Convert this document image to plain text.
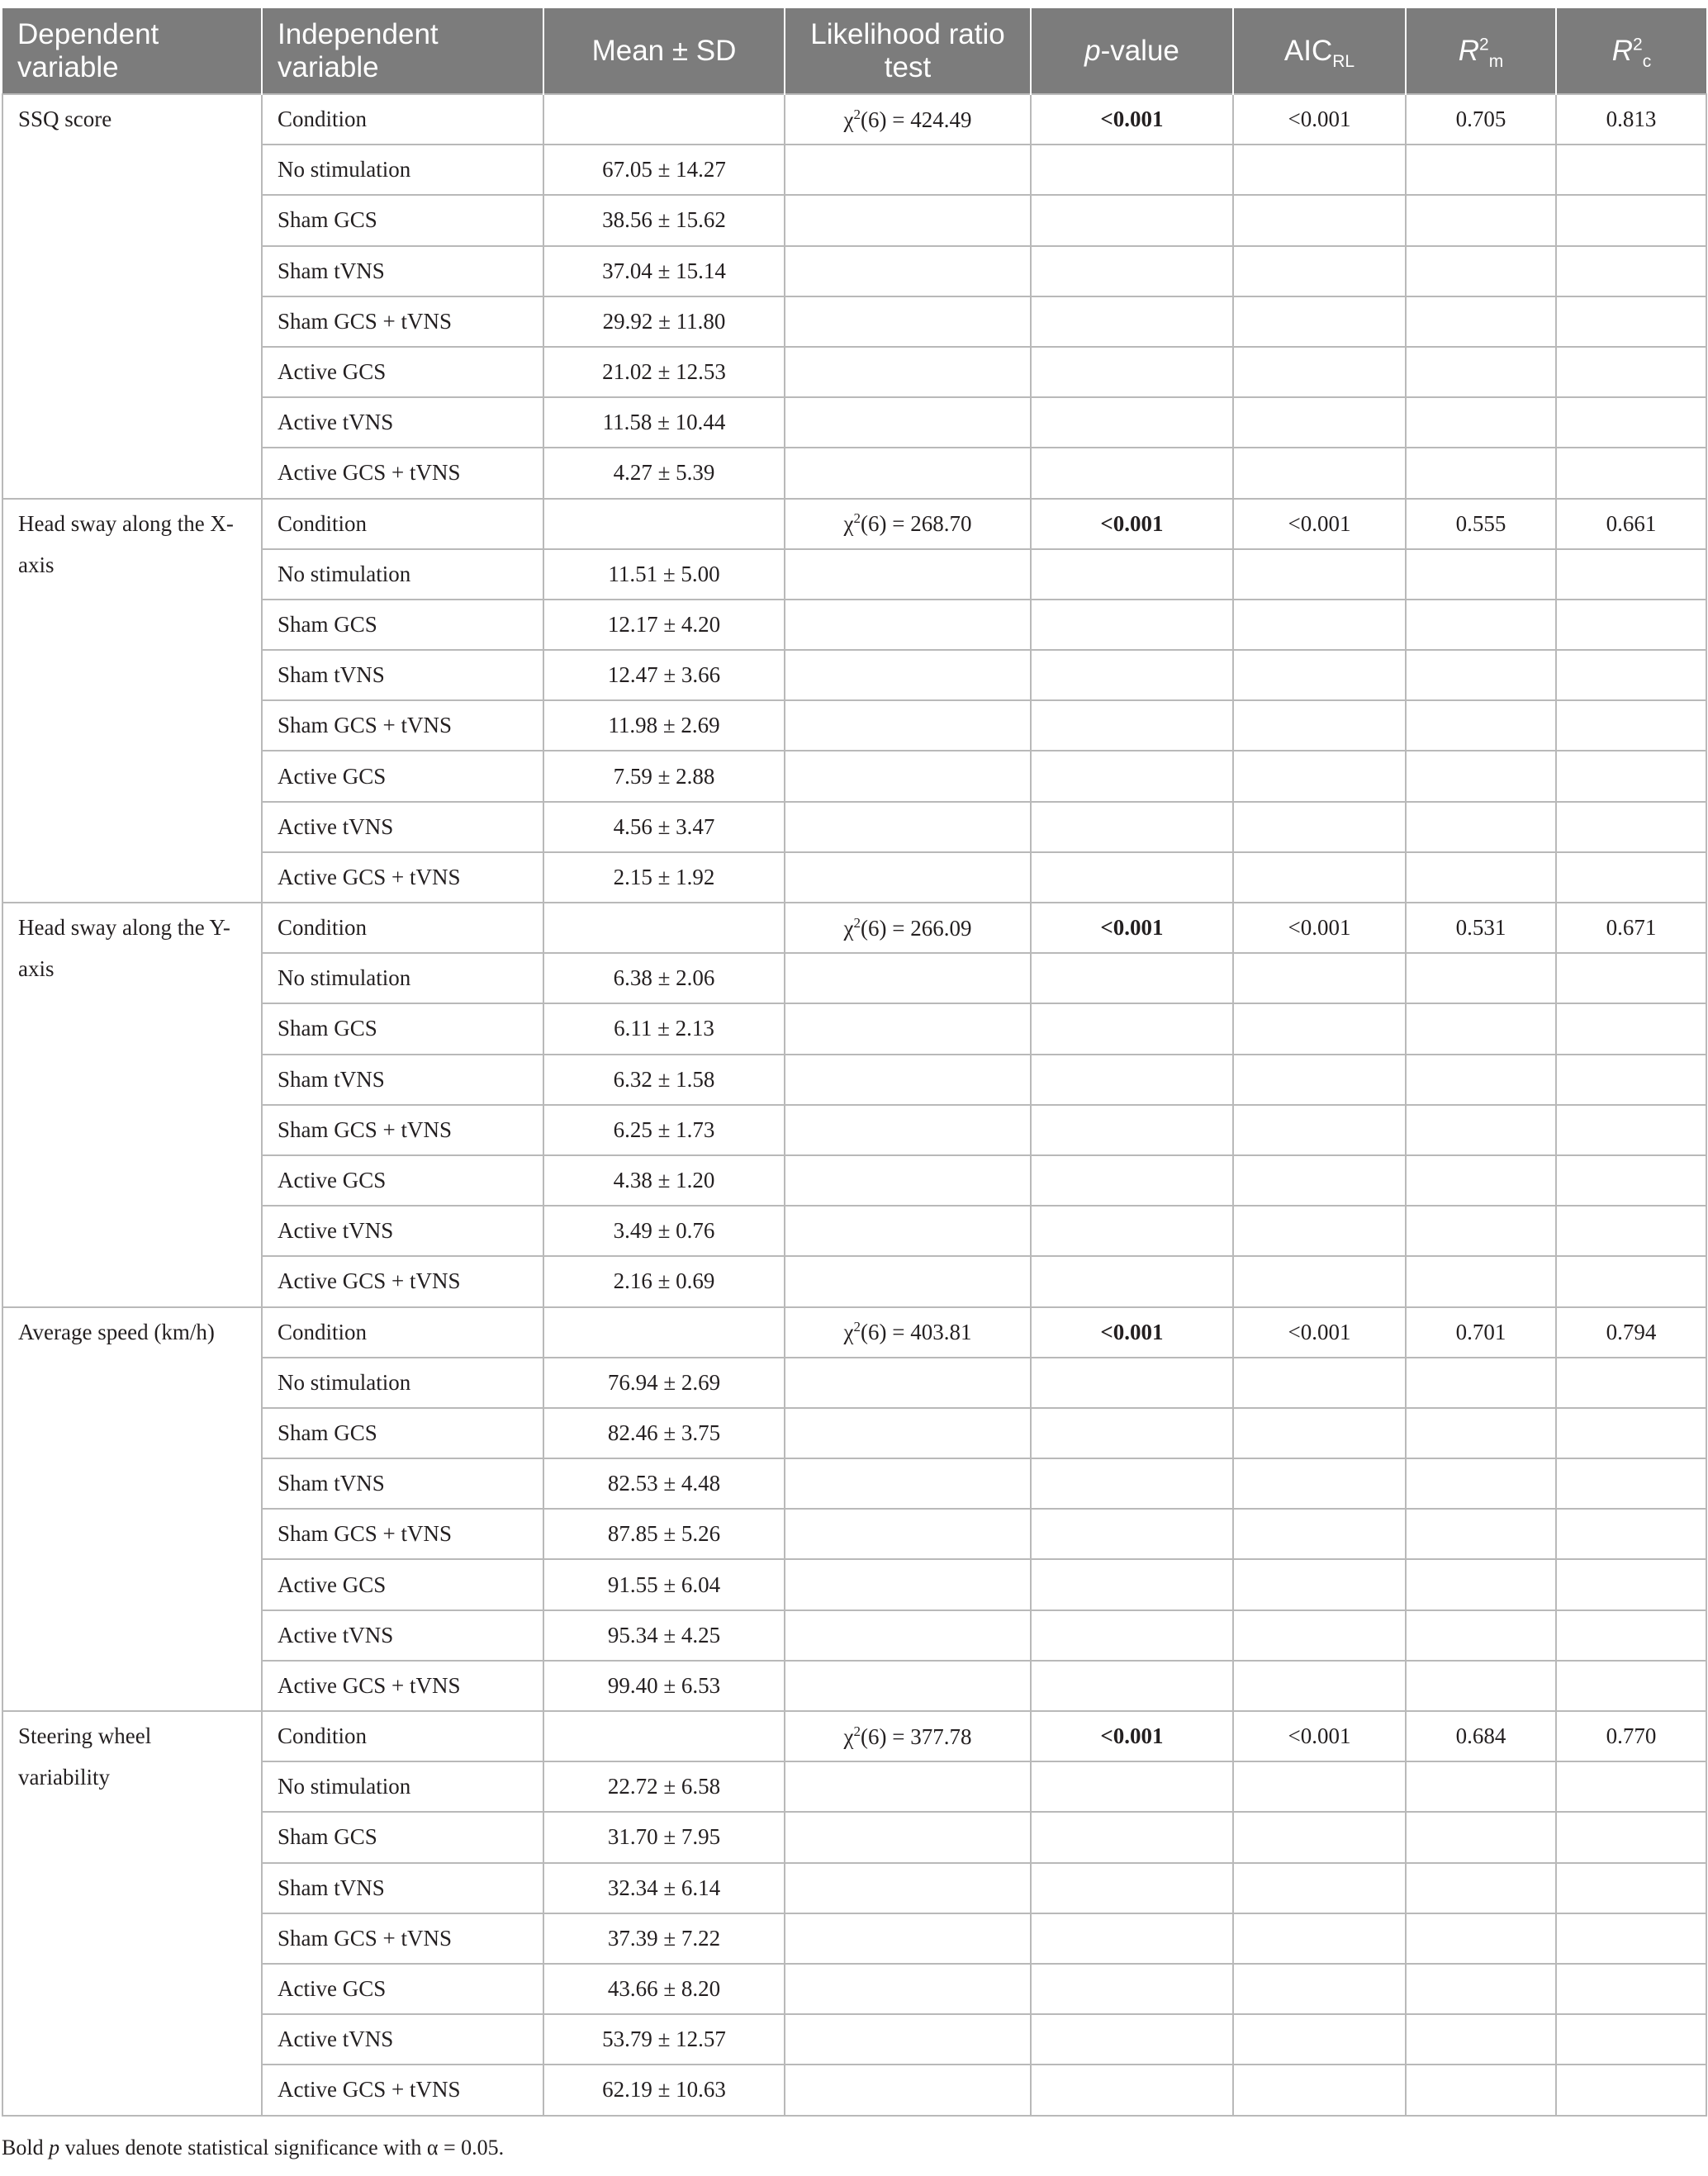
Dependent variable	Independent variable	Mean ± SD	Likelihood ratio test	p-value	$AIC_{RL}$	$R^2_m$	$R^2_c$
SSQ score	Condition		$\chi^2(6) = 424.49$	<0.001	<0.001	0.705	0.813
	No stimulation	67.05 ± 14.27					
	Sham GCS	38.56 ± 15.62					
	Sham tVNS	37.04 ± 15.14					
	Sham GCS + tVNS	29.92 ± 11.80					
	Active GCS	21.02 ± 12.53					
	Active tVNS	11.58 ± 10.44					
	Active GCS + tVNS	4.27 ± 5.39					
Head sway along the X-axis	Condition		$\chi^2(6) = 268.70$	<0.001	<0.001	0.555	0.661
	No stimulation	11.51 ± 5.00					
	Sham GCS	12.17 ± 4.20					
	Sham tVNS	12.47 ± 3.66					
	Sham GCS + tVNS	11.98 ± 2.69					
	Active GCS	7.59 ± 2.88					
	Active tVNS	4.56 ± 3.47					
	Active GCS + tVNS	2.15 ± 1.92					
Head sway along the Y-axis	Condition		$\chi^2(6) = 266.09$	<0.001	<0.001	0.531	0.671
	No stimulation	6.38 ± 2.06					
	Sham GCS	6.11 ± 2.13					
	Sham tVNS	6.32 ± 1.58					
	Sham GCS + tVNS	6.25 ± 1.73					
	Active GCS	4.38 ± 1.20					
	Active tVNS	3.49 ± 0.76					
	Active GCS + tVNS	2.16 ± 0.69					
Average speed (km/h)	Condition		$\chi^2(6) = 403.81$	<0.001	<0.001	0.701	0.794
	No stimulation	76.94 ± 2.69					
	Sham GCS	82.46 ± 3.75					
	Sham tVNS	82.53 ± 4.48					
	Sham GCS + tVNS	87.85 ± 5.26					
	Active GCS	91.55 ± 6.04					
	Active tVNS	95.34 ± 4.25					
	Active GCS + tVNS	99.40 ± 6.53					
Steering wheel variability	Condition		$\chi^2(6) = 377.78$	<0.001	<0.001	0.684	0.770
	No stimulation	22.72 ± 6.58					
	Sham GCS	31.70 ± 7.95					
	Sham tVNS	32.34 ± 6.14					
	Sham GCS + tVNS	37.39 ± 7.22					
	Active GCS	43.66 ± 8.20					
	Active tVNS	53.79 ± 12.57					
	Active GCS + tVNS	62.19 ± 10.63					
Bold p values denote statistical significance with α = 0.05.
